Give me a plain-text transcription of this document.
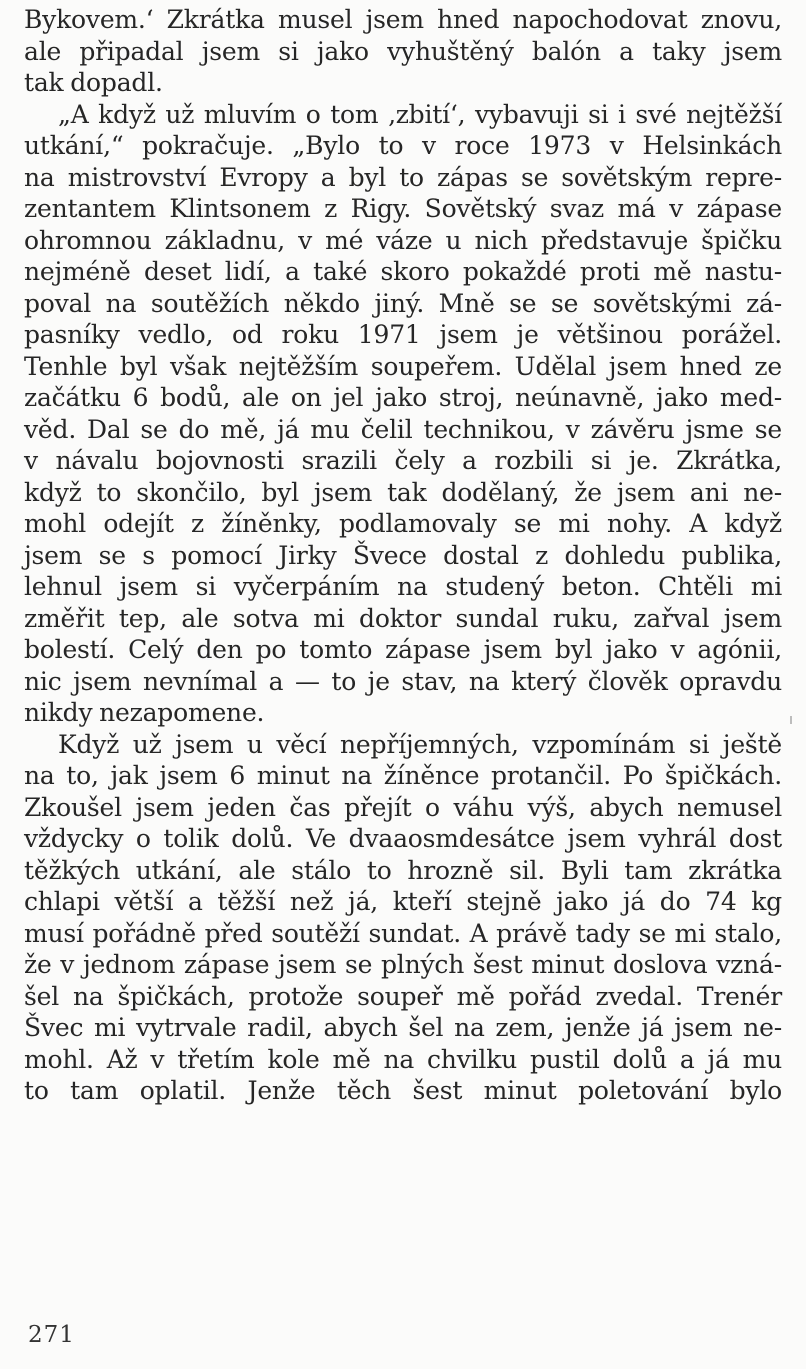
Bykovem.‘ Zkrátka musel jsem hned napochodovat znovu,
ale připadal jsem si jako vyhuštěný balón a taky jsem
tak dopadl.
„A když už mluvím o tom ‚zbití‘, vybavuji si i své nejtěžší
utkání,“ pokračuje. „Bylo to v roce 1973 v Helsinkách
na mistrovství Evropy a byl to zápas se sovětským repre-
zentantem Klintsonem z Rigy. Sovětský svaz má v zápase
ohromnou základnu, v mé váze u nich představuje špičku
nejméně deset lidí, a také skoro pokaždé proti mě nastu-
poval na soutěžích někdo jiný. Mně se se sovětskými zá-
pasníky vedlo, od roku 1971 jsem je většinou porážel.
Tenhle byl však nejtěžším soupeřem. Udělal jsem hned ze
začátku 6 bodů, ale on jel jako stroj, neúnavně, jako med-
věd. Dal se do mě, já mu čelil technikou, v závěru jsme se
v návalu bojovnosti srazili čely a rozbili si je. Zkrátka,
když to skončilo, byl jsem tak dodělaný, že jsem ani ne-
mohl odejít z žíněnky, podlamovaly se mi nohy. A když
jsem se s pomocí Jirky Švece dostal z dohledu publika,
lehnul jsem si vyčerpáním na studený beton. Chtěli mi
změřit tep, ale sotva mi doktor sundal ruku, zařval jsem
bolestí. Celý den po tomto zápase jsem byl jako v agónii,
nic jsem nevnímal a — to je stav, na který člověk opravdu
nikdy nezapomene.
Když už jsem u věcí nepříjemných, vzpomínám si ještě
na to, jak jsem 6 minut na žíněnce protančil. Po špičkách.
Zkoušel jsem jeden čas přejít o váhu výš, abych nemusel
vždycky o tolik dolů. Ve dvaaosmdesátce jsem vyhrál dost
těžkých utkání, ale stálo to hrozně sil. Byli tam zkrátka
chlapi větší a těžší než já, kteří stejně jako já do 74 kg
musí pořádně před soutěží sundat. A právě tady se mi stalo,
že v jednom zápase jsem se plných šest minut doslova vzná-
šel na špičkách, protože soupeř mě pořád zvedal. Trenér
Švec mi vytrvale radil, abych šel na zem, jenže já jsem ne-
mohl. Až v třetím kole mě na chvilku pustil dolů a já mu
to tam oplatil. Jenže těch šest minut poletování bylo
271
